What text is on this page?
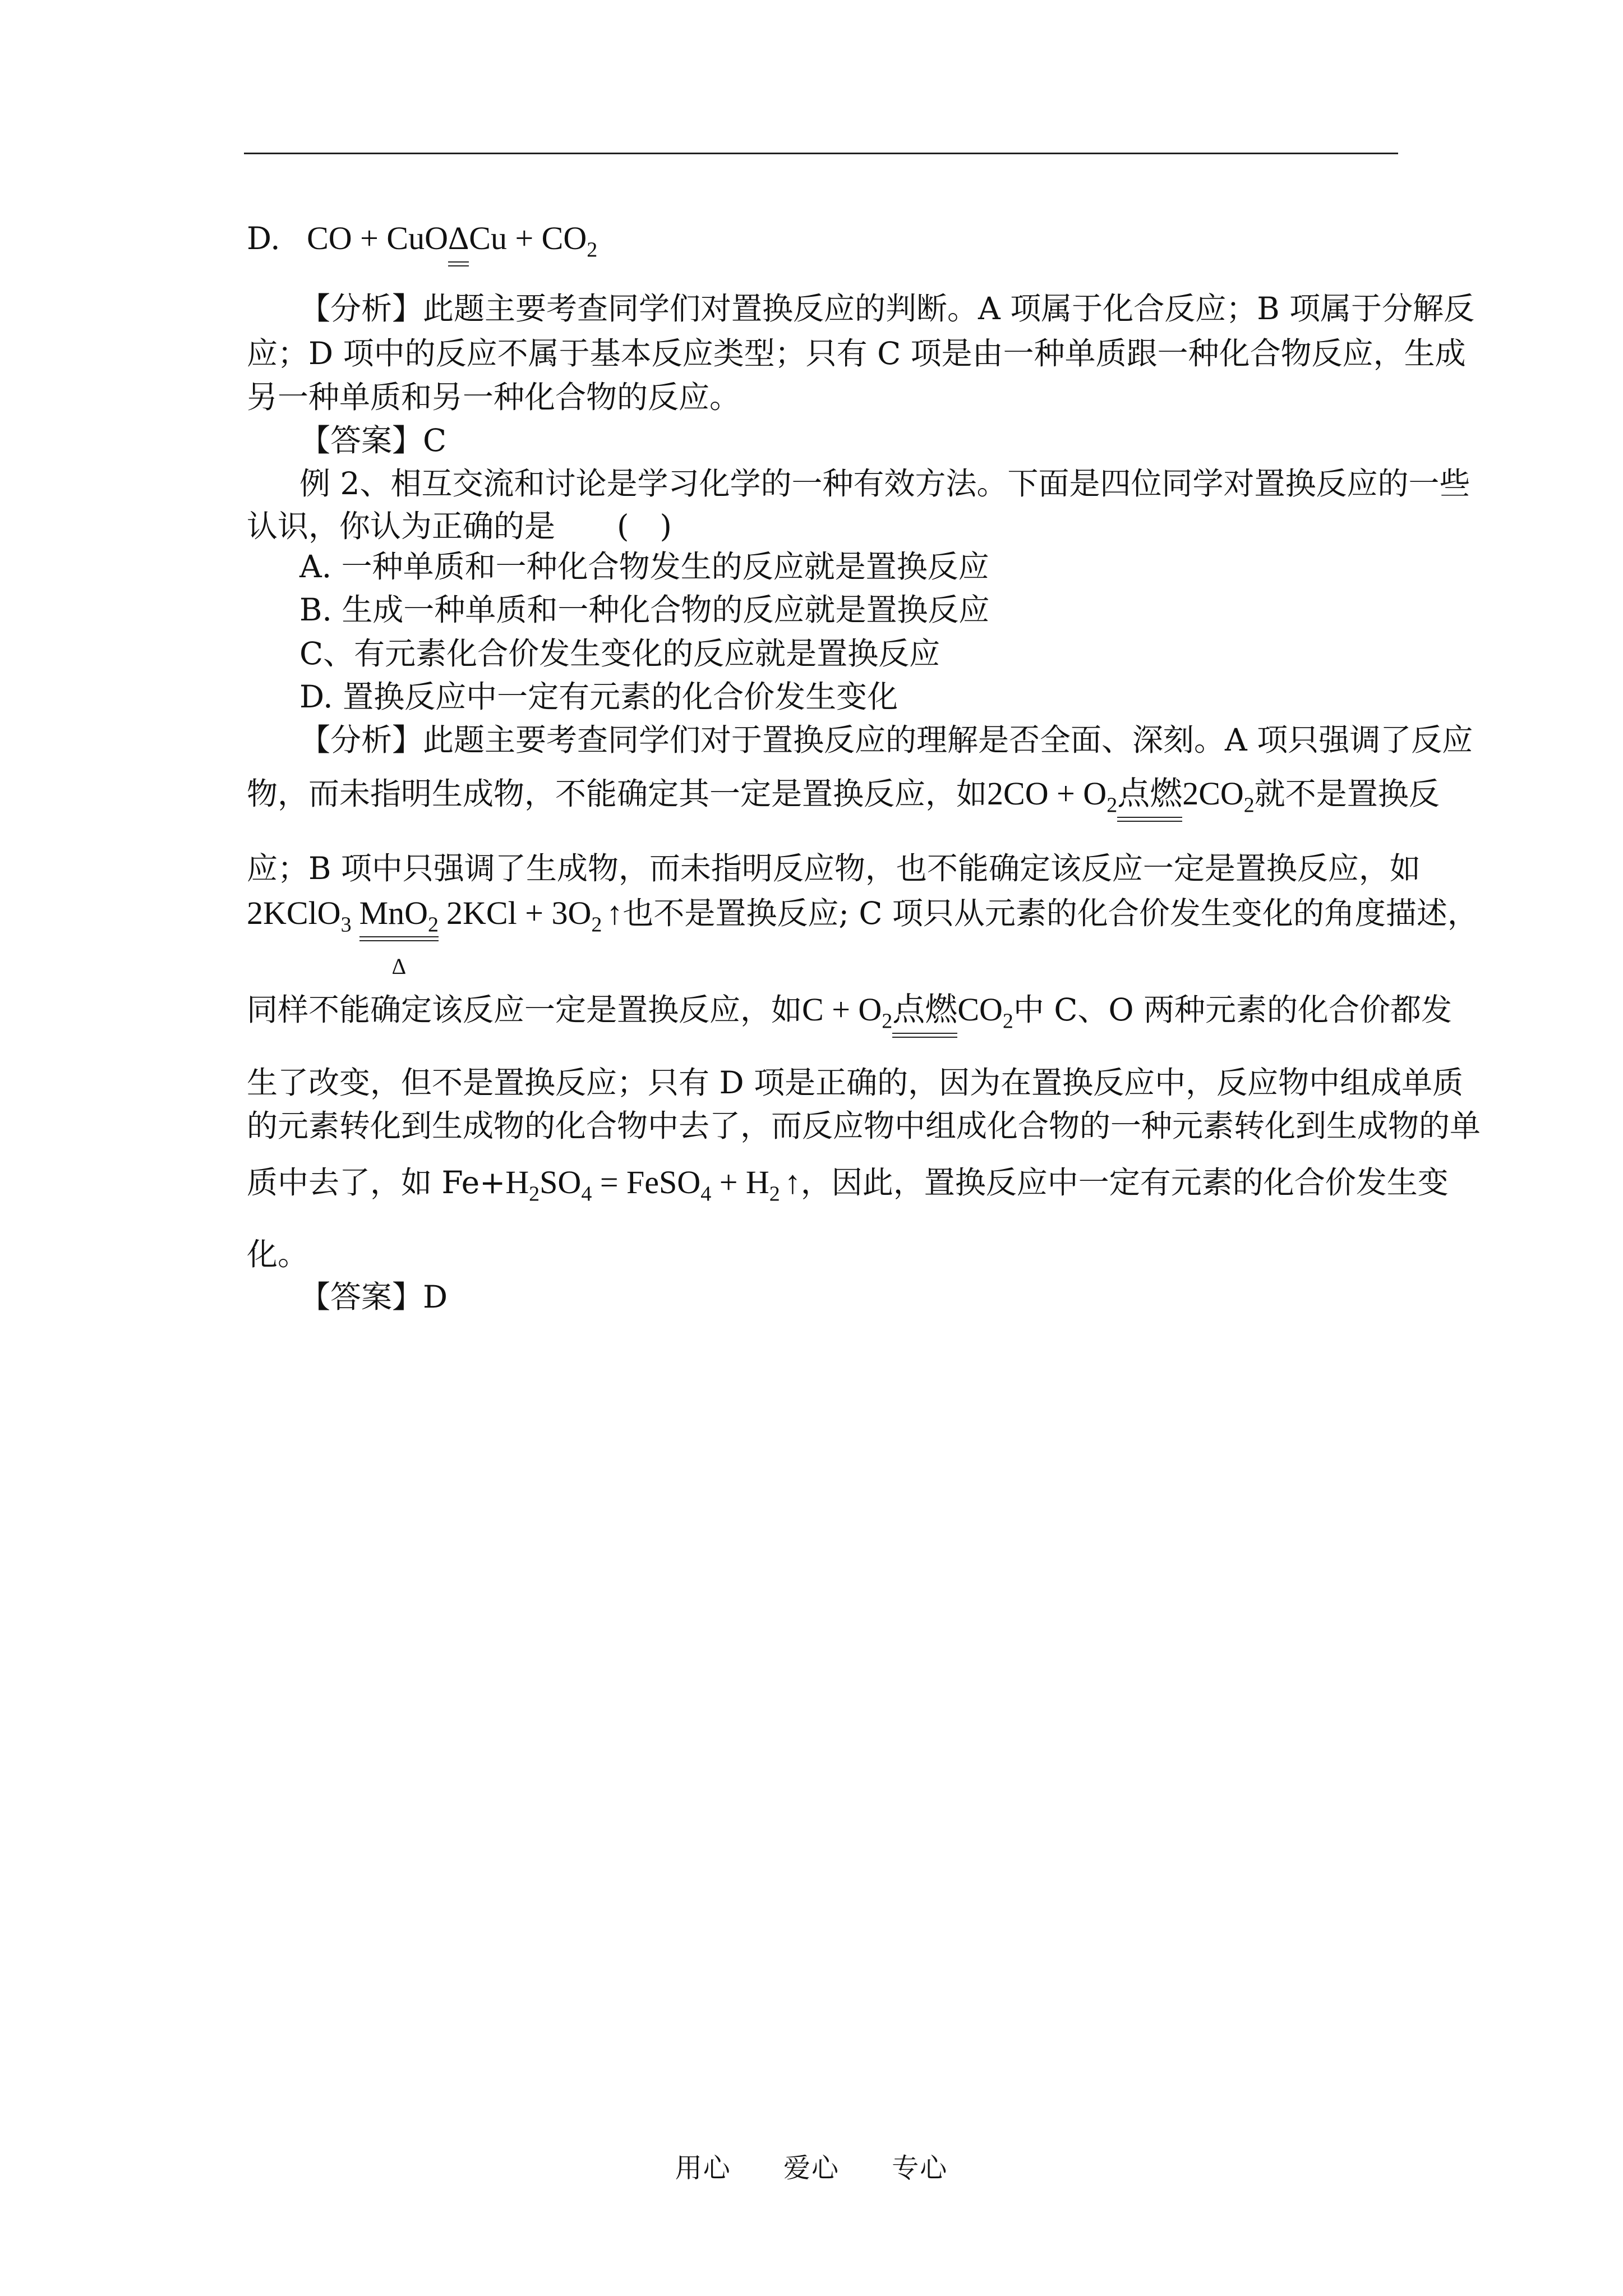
D. CO + CuOΔ
$Cu + CO_2$
【分析】此题主要考查同学们对置换反应的判断。A 项属于化合反应；B 项属于分解反
应；D 项中的反应不属于基本反应类型；只有 C 项是由一种单质跟一种化合物反应，生成
另一种单质和另一种化合物的反应。
【答案】C
例 2、相互交流和讨论是学习化学的一种有效方法。下面是四位同学对置换反应的一些
认识，你认为正确的是　　(　)
A. 一种单质和一种化合物发生的反应就是置换反应
B. 生成一种单质和一种化合物的反应就是置换反应
C、有元素化合价发生变化的反应就是置换反应
D. 置换反应中一定有元素的化合价发生变化
【分析】此题主要考查同学们对于置换反应的理解是否全面、深刻。A 项只强调了反应
物，而未指明生成物，不能确定其一定是置换反应，如$2CO + O_2$点燃
$2CO_2$就不是置换反
应；B 项中只强调了生成物，而未指明反应物，也不能确定该反应一定是置换反应，如
2KClO$_3$ MnO$_2$
Δ
$2KCl + 3O_2$ ↑也不是置换反应; C 项只从元素的化合价发生变化的角度描述，
同样不能确定该反应一定是置换反应，如$C + O_2$点燃
$CO_2$中 C、O 两种元素的化合价都发
生了改变，但不是置换反应；只有 D 项是正确的，因为在置换反应中，反应物中组成单质
的元素转化到生成物的化合物中去了，而反应物中组成化合物的一种元素转化到生成物的单
质中去了，如 $Fe+H_2SO_4$ = FeSO$_4$ + $H_2$ ↑，因此，置换反应中一定有元素的化合价发生变
化。
【答案】D
用心 爱心 专心
